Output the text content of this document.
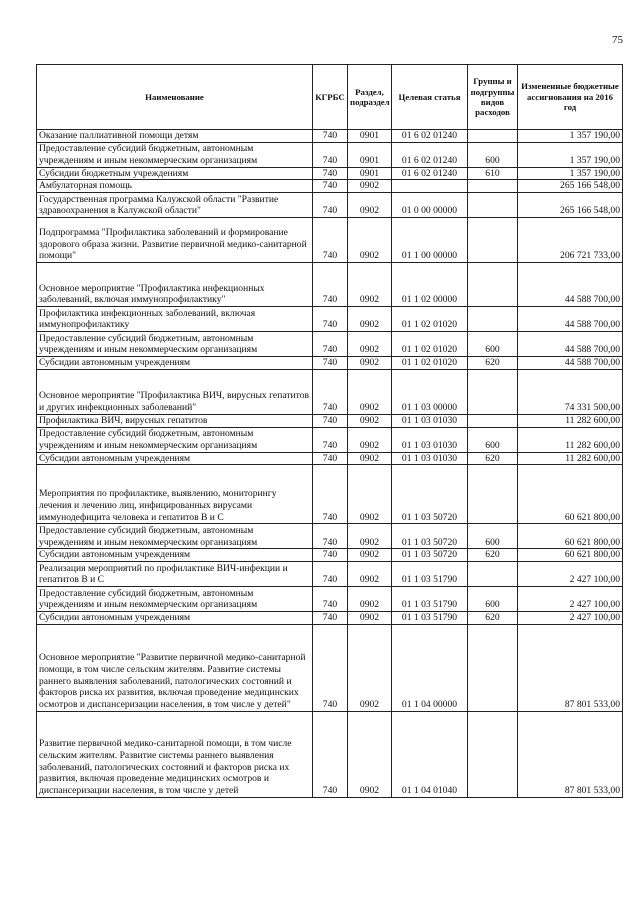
75
Наименование	КГРБС	Раздел, подраздел	Целевая статья	Группы и подгруппы видов расходов	Измененные бюджетные ассигнования на 2016 год
Оказание паллиативной помощи детям	740	0901	01 6 02 01240		1 357 190,00
Предоставление субсидий бюджетным, автономным учреждениям и иным некоммерческим организациям	740	0901	01 6 02 01240	600	1 357 190,00
Субсидии бюджетным учреждениям	740	0901	01 6 02 01240	610	1 357 190,00
Амбулаторная помощь	740	0902			265 166 548,00
Государственная программа Калужской области "Развитие здравоохранения в Калужской области"	740	0902	01 0 00 00000		265 166 548,00
Подпрограмма "Профилактика заболеваний и формирование здорового образа жизни. Развитие первичной медико-санитарной помощи"	740	0902	01 1 00 00000		206 721 733,00
Основное мероприятие "Профилактика инфекционных заболеваний, включая иммунопрофилактику"	740	0902	01 1 02 00000		44 588 700,00
Профилактика инфекционных заболеваний, включая иммунопрофилактику	740	0902	01 1 02 01020		44 588 700,00
Предоставление субсидий бюджетным, автономным учреждениям и иным некоммерческим организациям	740	0902	01 1 02 01020	600	44 588 700,00
Субсидии автономным учреждениям	740	0902	01 1 02 01020	620	44 588 700,00
Основное мероприятие "Профилактика ВИЧ, вирусных гепатитов и других инфекционных заболеваний"	740	0902	01 1 03 00000		74 331 500,00
Профилактика ВИЧ, вирусных гепатитов	740	0902	01 1 03 01030		11 282 600,00
Предоставление субсидий бюджетным, автономным учреждениям и иным некоммерческим организациям	740	0902	01 1 03 01030	600	11 282 600,00
Субсидии автономным учреждениям	740	0902	01 1 03 01030	620	11 282 600,00
Мероприятия по профилактике, выявлению, мониторингу лечения и лечению лиц, инфицированных вирусами иммунодефицита человека и гепатитов В и С	740	0902	01 1 03 50720		60 621 800,00
Предоставление субсидий бюджетным, автономным учреждениям и иным некоммерческим организациям	740	0902	01 1 03 50720	600	60 621 800,00
Субсидии автономным учреждениям	740	0902	01 1 03 50720	620	60 621 800,00
Реализация мероприятий по профилактике ВИЧ-инфекции и гепатитов В и С	740	0902	01 1 03 51790		2 427 100,00
Предоставление субсидий бюджетным, автономным учреждениям и иным некоммерческим организациям	740	0902	01 1 03 51790	600	2 427 100,00
Субсидии автономным учреждениям	740	0902	01 1 03 51790	620	2 427 100,00
Основное мероприятие "Развитие первичной медико-санитарной помощи, в том числе сельским жителям. Развитие системы раннего выявления заболеваний, патологических состояний и факторов риска их развития, включая проведение медицинских осмотров и диспансеризации населения, в том числе у детей"	740	0902	01 1 04 00000		87 801 533,00
Развитие первичной медико-санитарной помощи, в том числе сельским жителям. Развитие системы раннего выявления заболеваний, патологических состояний и факторов риска их развития, включая проведение медицинских осмотров и диспансеризации населения, в том числе у детей	740	0902	01 1 04 01040		87 801 533,00
